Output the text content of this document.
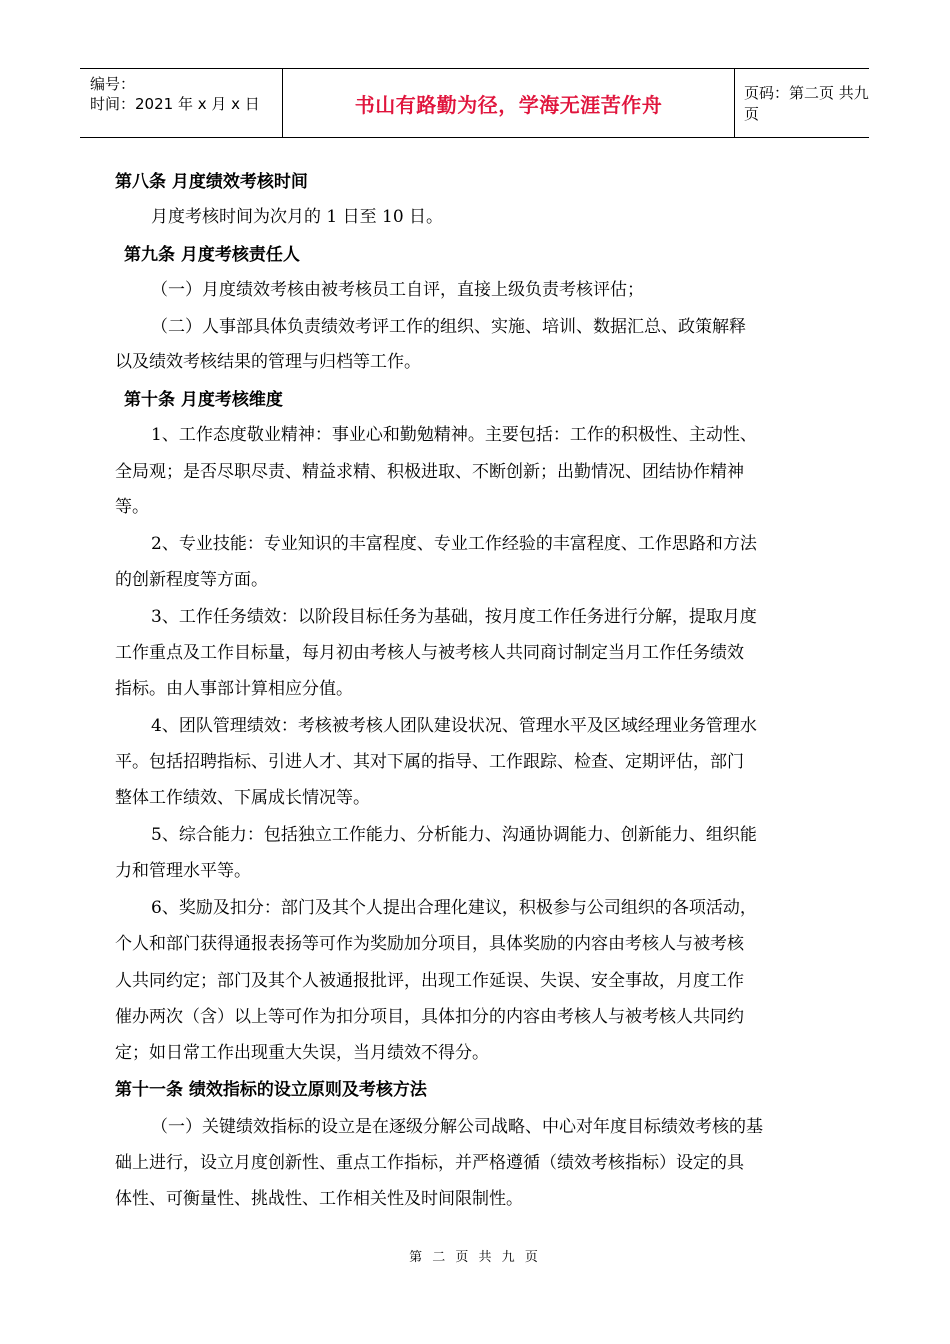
编号：
时间：2021 年 x 月 x 日	书山有路勤为径，学海无涯苦作舟	页码：第二页 共九页
第八条 月度绩效考核时间
月度考核时间为次月的 1 日至 10 日。
第九条 月度考核责任人
（一）月度绩效考核由被考核员工自评，直接上级负责考核评估；
（二）人事部具体负责绩效考评工作的组织、实施、培训、数据汇总、政策解释
以及绩效考核结果的管理与归档等工作。
第十条 月度考核维度
1、工作态度敬业精神：事业心和勤勉精神。主要包括：工作的积极性、主动性、
全局观；是否尽职尽责、精益求精、积极进取、不断创新；出勤情况、团结协作精神
等。
2、专业技能：专业知识的丰富程度、专业工作经验的丰富程度、工作思路和方法
的创新程度等方面。
3、工作任务绩效：以阶段目标任务为基础，按月度工作任务进行分解，提取月度
工作重点及工作目标量，每月初由考核人与被考核人共同商讨制定当月工作任务绩效
指标。由人事部计算相应分值。
4、团队管理绩效：考核被考核人团队建设状况、管理水平及区域经理业务管理水
平。包括招聘指标、引进人才、其对下属的指导、工作跟踪、检查、定期评估，部门
整体工作绩效、下属成长情况等。
5、综合能力：包括独立工作能力、分析能力、沟通协调能力、创新能力、组织能
力和管理水平等。
6、奖励及扣分：部门及其个人提出合理化建议，积极参与公司组织的各项活动，
个人和部门获得通报表扬等可作为奖励加分项目，具体奖励的内容由考核人与被考核
人共同约定；部门及其个人被通报批评，出现工作延误、失误、安全事故，月度工作
催办两次（含）以上等可作为扣分项目，具体扣分的内容由考核人与被考核人共同约
定；如日常工作出现重大失误，当月绩效不得分。
第十一条 绩效指标的设立原则及考核方法
（一）关键绩效指标的设立是在逐级分解公司战略、中心对年度目标绩效考核的基
础上进行，设立月度创新性、重点工作指标，并严格遵循（绩效考核指标）设定的具
体性、可衡量性、挑战性、工作相关性及时间限制性。
第 二 页 共 九 页
